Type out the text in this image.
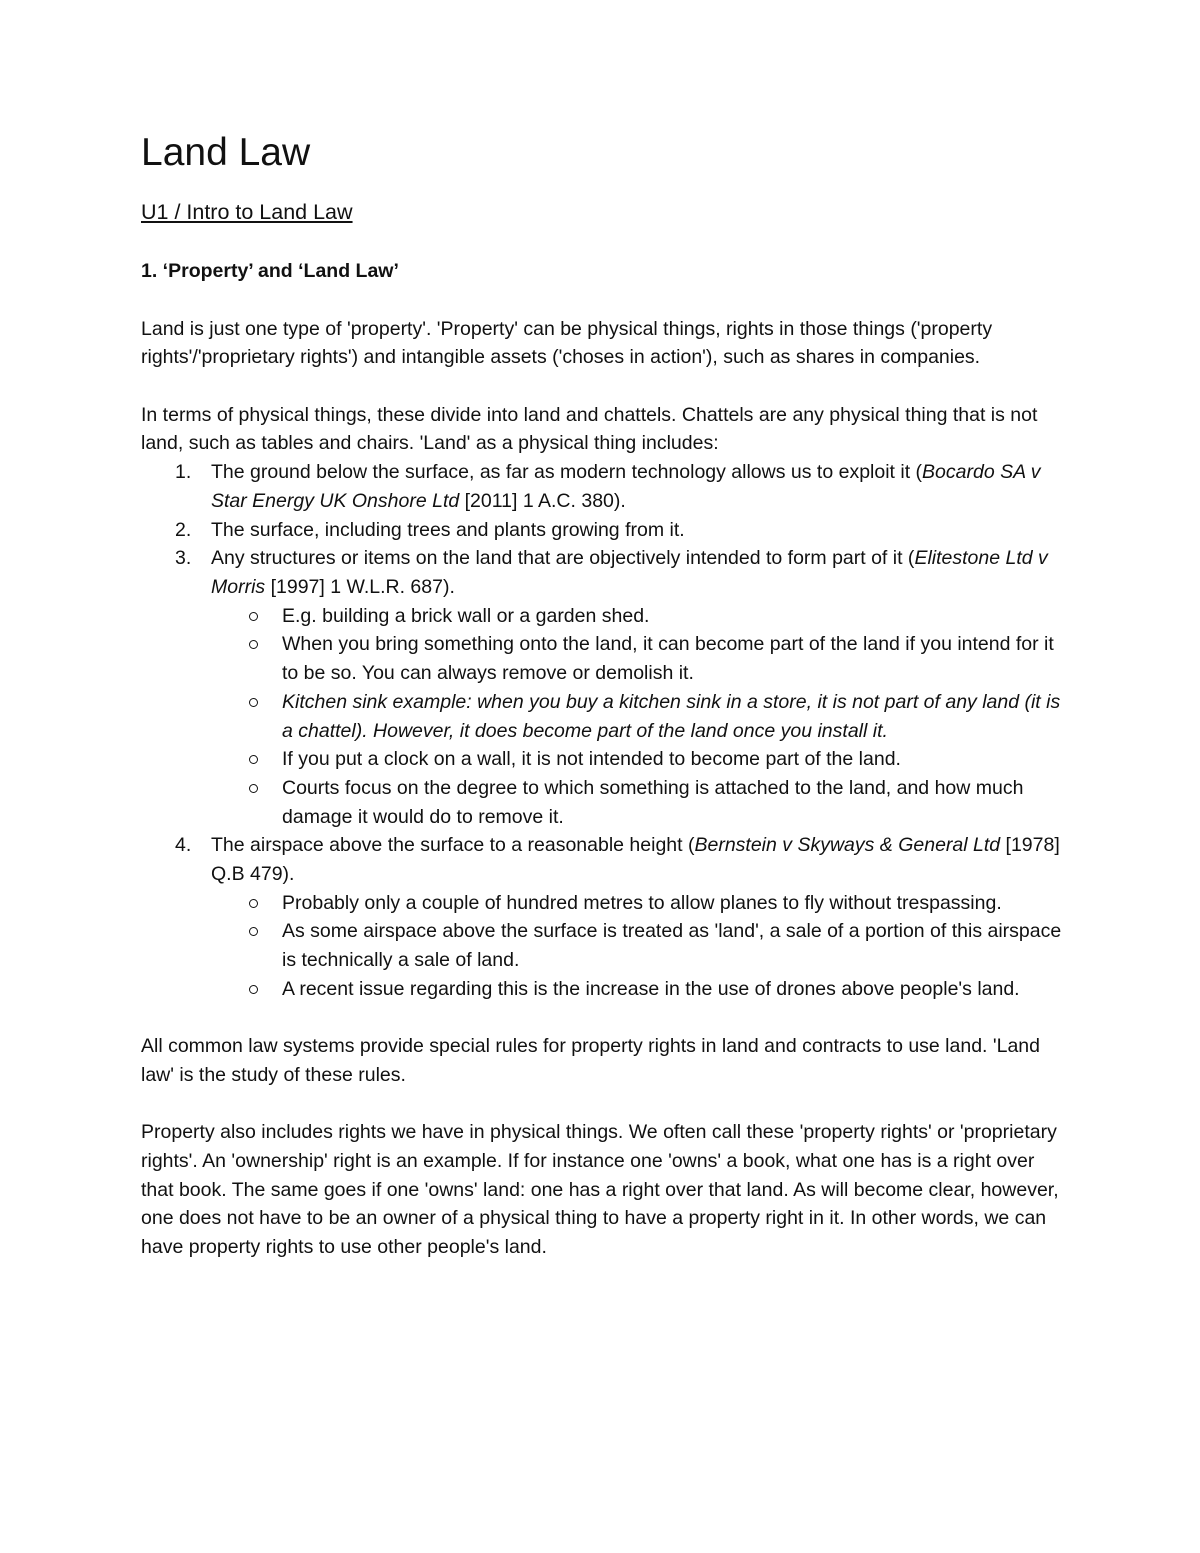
Land Law
U1 / Intro to Land Law
1. ‘Property’ and ‘Land Law’

Land is just one type of 'property'. 'Property' can be physical things, rights in those things ('property rights'/'proprietary rights') and intangible assets ('choses in action'), such as shares in companies.

In terms of physical things, these divide into land and chattels. Chattels are any physical thing that is not land, such as tables and chairs. 'Land' as a physical thing includes:

1. The ground below the surface, as far as modern technology allows us to exploit it (Bocardo SA v Star Energy UK Onshore Ltd [2011] 1 A.C. 380).
2. The surface, including trees and plants growing from it.
3. Any structures or items on the land that are objectively intended to form part of it (Elitestone Ltd v Morris [1997] 1 W.L.R. 687).
E.g. building a brick wall or a garden shed.
When you bring something onto the land, it can become part of the land if you intend for it to be so. You can always remove or demolish it.
Kitchen sink example: when you buy a kitchen sink in a store, it is not part of any land (it is a chattel). However, it does become part of the land once you install it.
If you put a clock on a wall, it is not intended to become part of the land.
Courts focus on the degree to which something is attached to the land, and how much damage it would do to remove it.
4. The airspace above the surface to a reasonable height (Bernstein v Skyways & General Ltd [1978] Q.B 479).
Probably only a couple of hundred metres to allow planes to fly without trespassing.
As some airspace above the surface is treated as 'land', a sale of a portion of this airspace is technically a sale of land.
A recent issue regarding this is the increase in the use of drones above people's land.

All common law systems provide special rules for property rights in land and contracts to use land. 'Land law' is the study of these rules.

Property also includes rights we have in physical things. We often call these 'property rights' or 'proprietary rights'. An 'ownership' right is an example. If for instance one 'owns' a book, what one has is a right over that book. The same goes if one 'owns' land: one has a right over that land. As will become clear, however, one does not have to be an owner of a physical thing to have a property right in it. In other words, we can have property rights to use other people's land.
